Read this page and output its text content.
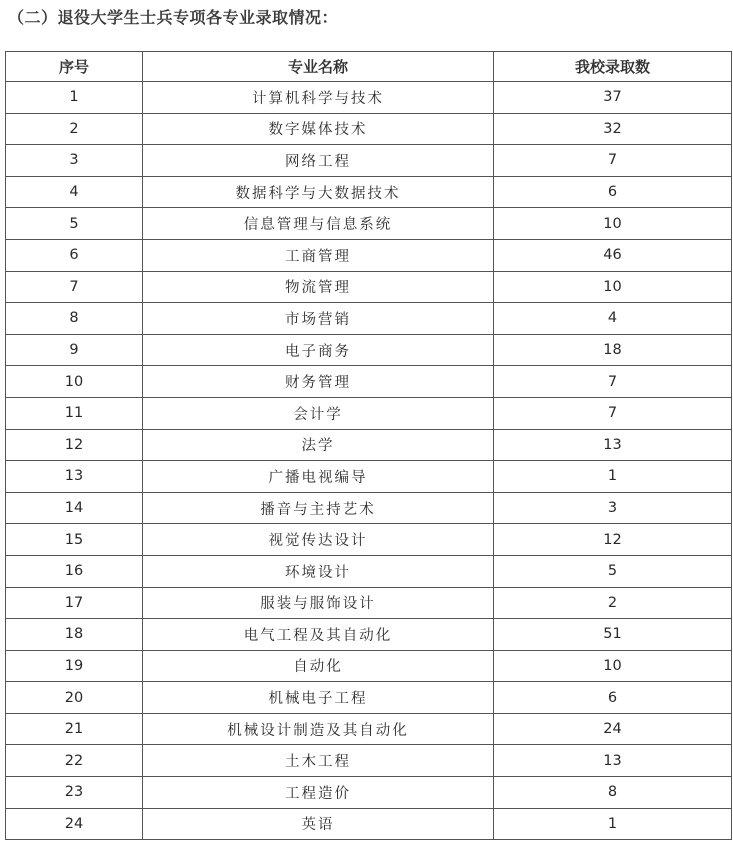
（二）退役大学生士兵专项各专业录取情况：
序号	专业名称	我校录取数
1	计算机科学与技术	37
2	数字媒体技术	32
3	网络工程	7
4	数据科学与大数据技术	6
5	信息管理与信息系统	10
6	工商管理	46
7	物流管理	10
8	市场营销	4
9	电子商务	18
10	财务管理	7
11	会计学	7
12	法学	13
13	广播电视编导	1
14	播音与主持艺术	3
15	视觉传达设计	12
16	环境设计	5
17	服装与服饰设计	2
18	电气工程及其自动化	51
19	自动化	10
20	机械电子工程	6
21	机械设计制造及其自动化	24
22	土木工程	13
23	工程造价	8
24	英语	1
